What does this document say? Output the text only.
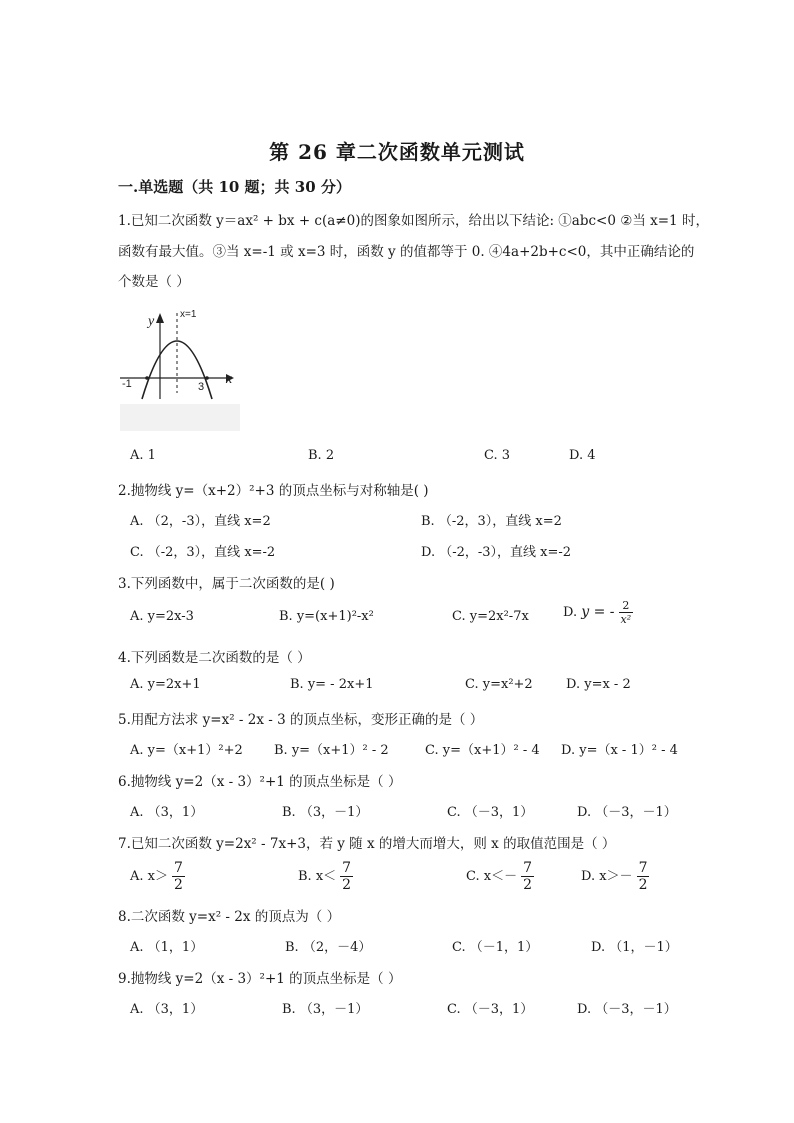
第 26 章二次函数单元测试
一.单选题（共 10 题；共 30 分）
1.已知二次函数 y＝ax² + bx + c(a≠0)的图象如图所示，给出以下结论: ①abc<0 ②当 x=1 时，
函数有最大值。③当 x=-1 或 x=3 时，函数 y 的值都等于 0. ④4a+2b+c<0，其中正确结论的
个数是（ ）
y
x
x=1
-1	3
A. 1	B. 2	C. 3	D. 4
2.抛物线 y=（x+2）²+3 的顶点坐标与对称轴是( )
A. （2，-3），直线 x=2	B. （-2，3），直线 x=2
C. （-2，3），直线 x=-2	D. （-2，-3），直线 x=-2
3.下列函数中，属于二次函数的是( )
A. y=2x-3	B. y=(x+1)²-x²	C. y=2x²-7x	D. y = - $\frac{2}{\text{x²}}$
4.下列函数是二次函数的是（ ）
A. y=2x+1	B. y= - 2x+1	C. y=x²+2	D. y=x - 2
5.用配方法求 y=x² - 2x - 3 的顶点坐标，变形正确的是（ ）
A. y=（x+1）²+2 B. y=（x+1）² - 2	C. y=（x+1）² - 4 D. y=（x - 1）² - 4
6.抛物线 y=2（x - 3）²+1 的顶点坐标是（ ）
A. （3，1）	B. （3，－1）	C. （－3，1）	D. （－3，－1）
7.已知二次函数 y=2x² - 7x+3，若 y 随 x 的增大而增大，则 x 的取值范围是（ ）
A. $x> \frac{7}{2}$	B. $x< \frac{7}{2}$	C. $x<- \frac{7}{2}$	D. $x>- \frac{7}{2}$
8.二次函数 y=x² - 2x 的顶点为（ ）
A. （1，1）	B. （2，－4）	C. （－1，1）	D. （1，－1）
9.抛物线 y=2（x - 3）²+1 的顶点坐标是（ ）
A. （3，1）	B. （3，－1）	C. （－3，1）	D. （－3，－1）
